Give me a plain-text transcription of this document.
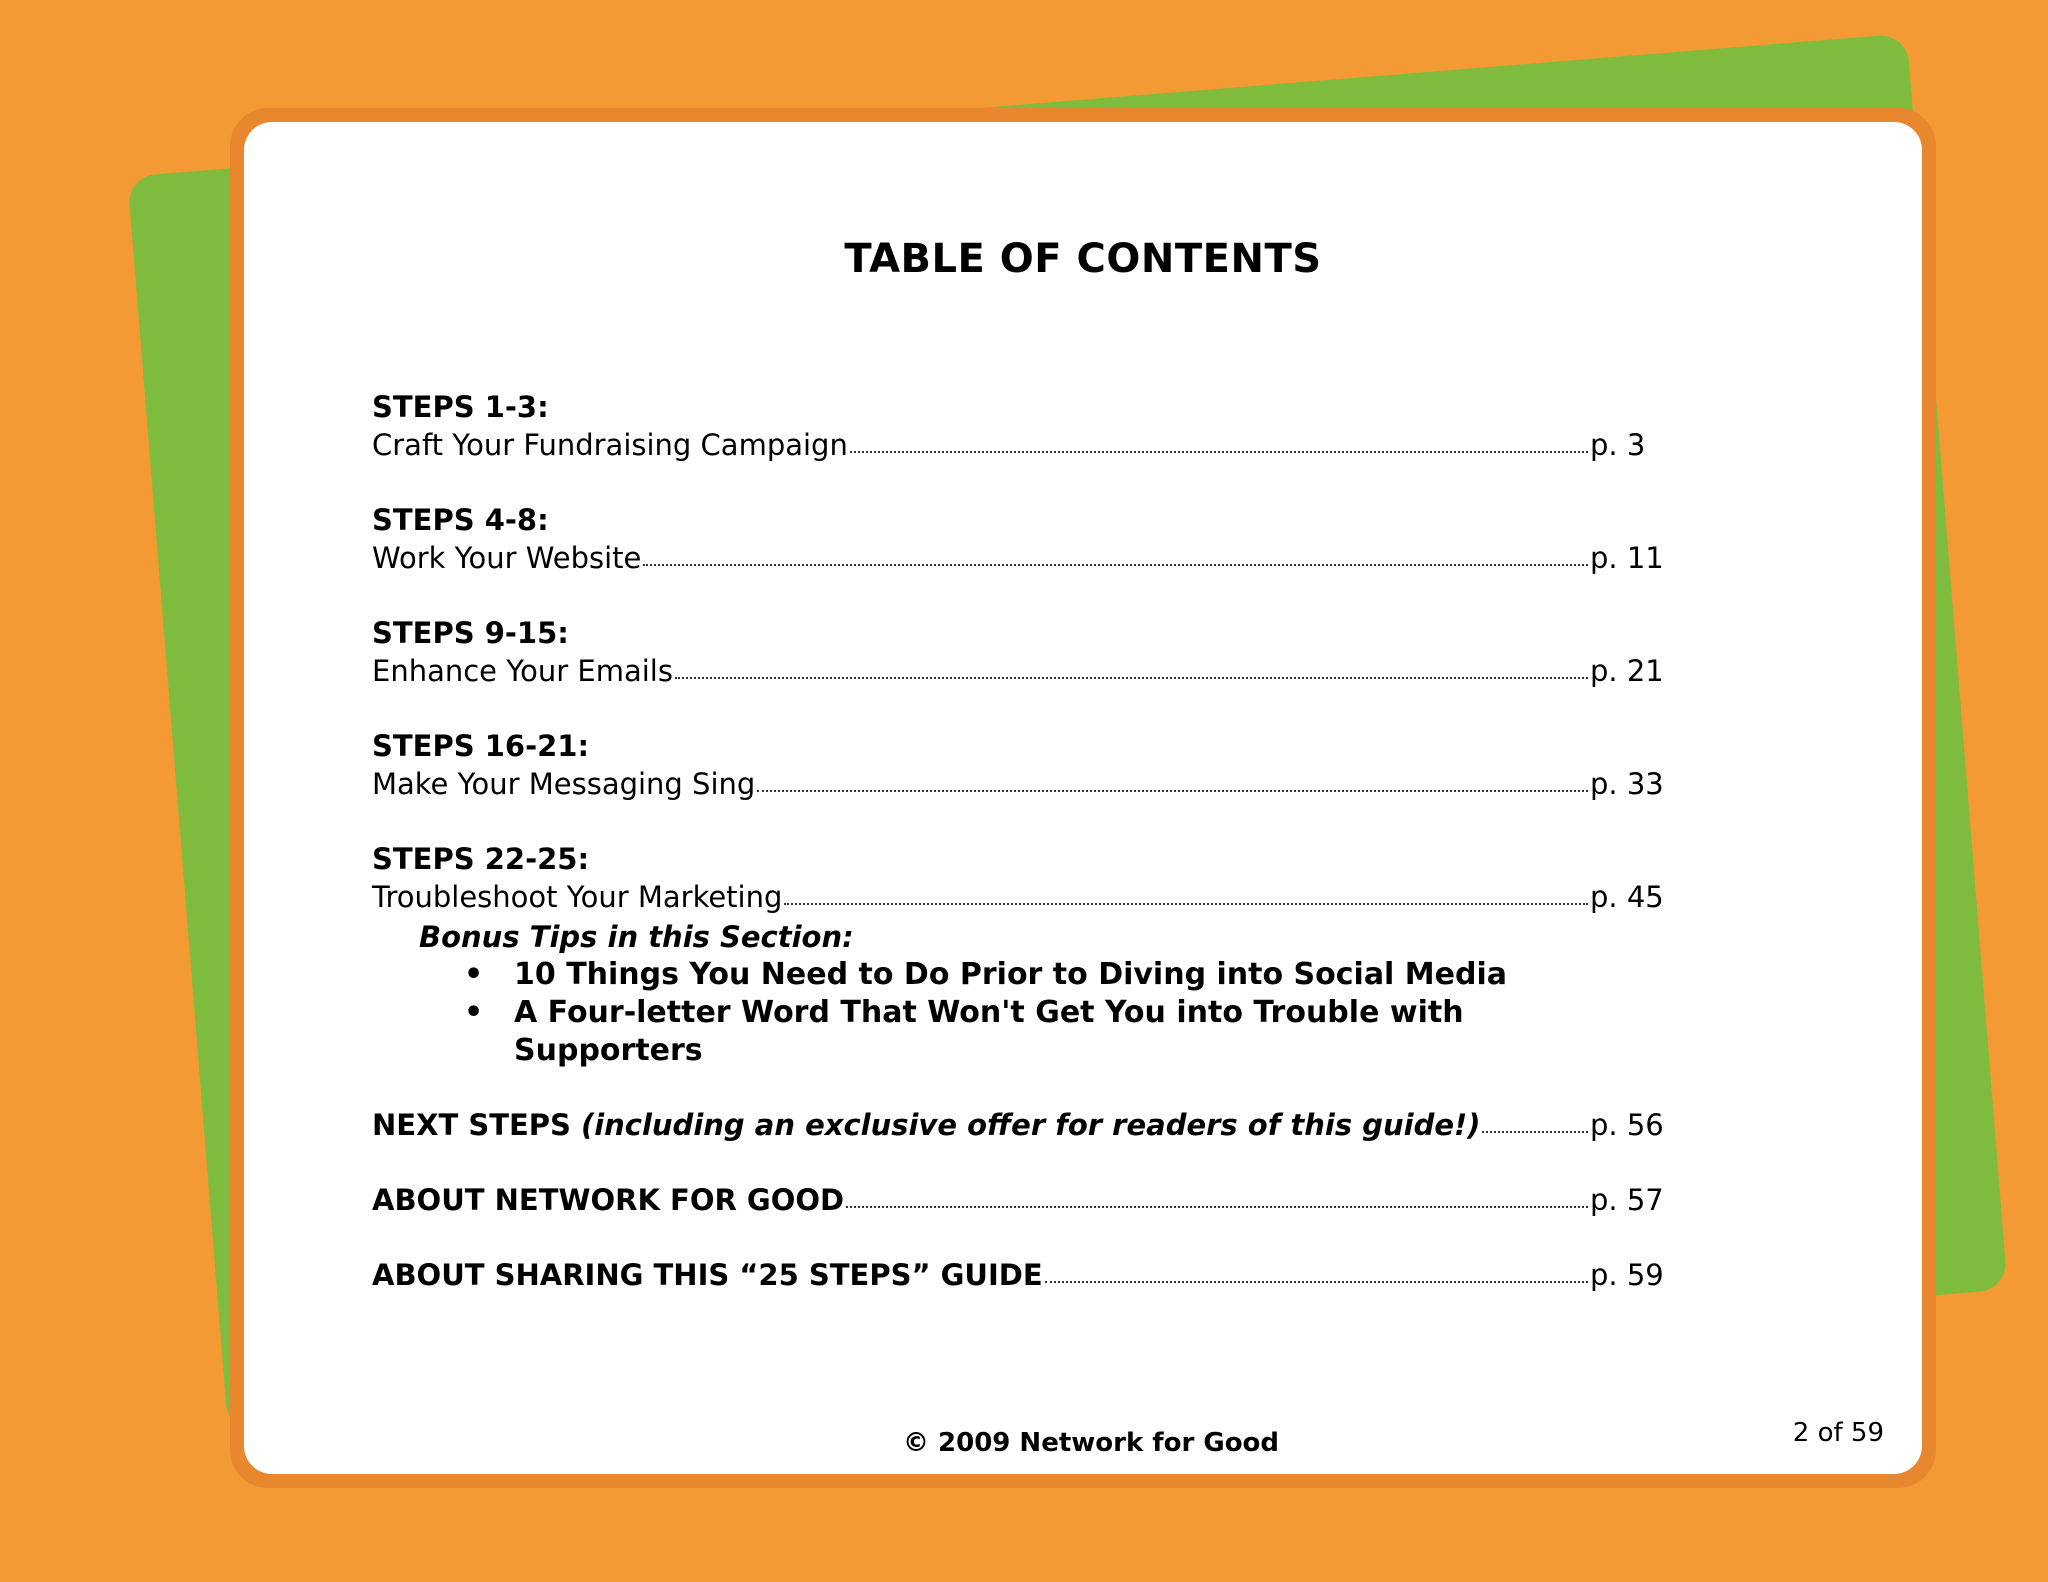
TABLE OF CONTENTS
STEPS 1-3:
Craft Your Fundraising Campaign	p. 3
STEPS 4-8:
Work Your Website	p. 11
STEPS 9-15:
Enhance Your Emails	p. 21
STEPS 16-21:
Make Your Messaging Sing	p. 33
STEPS 22-25:
Troubleshoot Your Marketing	p. 45
Bonus Tips in this Section:
•	10 Things You Need to Do Prior to Diving into Social Media
•	A Four-letter Word That Won't Get You into Trouble with Supporters
NEXT STEPS (including an exclusive offer for readers of this guide!)	p. 56
ABOUT NETWORK FOR GOOD	p. 57
ABOUT SHARING THIS “25 STEPS” GUIDE	p. 59
© 2009 Network for Good	2 of 59
